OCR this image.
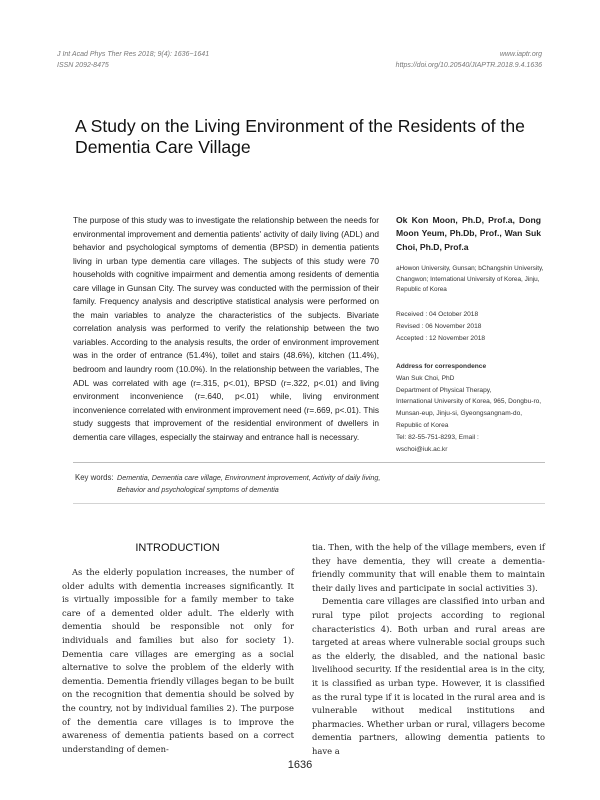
J Int Acad Phys Ther Res 2018; 9(4): 1636~1641
ISSN 2092-8475
www.iaptr.org
https://doi.org/10.20540/JIAPTR.2018.9.4.1636
A Study on the Living Environment of the Residents of the Dementia Care Village
The purpose of this study was to investigate the relationship between the needs for environmental improvement and dementia patients' activity of daily living (ADL) and behavior and psychological symptoms of dementia (BPSD) in dementia patients living in urban type dementia care villages. The subjects of this study were 70 households with cognitive impairment and dementia among residents of dementia care village in Gunsan City. The survey was conducted with the permission of their family. Frequency analysis and descriptive statistical analysis were performed on the main variables to analyze the characteristics of the subjects. Bivariate correlation analysis was performed to verify the relationship between the two variables. According to the analysis results, the order of environment improvement was in the order of entrance (51.4%), toilet and stairs (48.6%), kitchen (11.4%), bedroom and laundry room (10.0%). In the relationship between the variables, The ADL was correlated with age (r=.315, p<.01), BPSD (r=.322, p<.01) and living environment inconvenience (r=.640, p<.01) while, living environment inconvenience correlated with environment improvement need (r=.669, p<.01). This study suggests that improvement of the residential environment of dwellers in dementia care villages, especially the stairway and entrance hall is necessary.
Ok Kon Moon, Ph.D, Prof.a, Dong Moon Yeum, Ph.Db, Prof., Wan Suk Choi, Ph.D, Prof.a
aHowon University, Gunsan; bChangshin University, Changwon; International University of Korea, Jinju, Republic of Korea
Received : 04 October 2018
Revised : 06 November 2018
Accepted : 12 November 2018
Address for correspondence
Wan Suk Choi, PhD
Department of Physical Therapy,
International University of Korea, 965, Dongbu-ro, Munsan-eup, Jinju-si, Gyeongsangnam-do, Republic of Korea
Tel: 82-55-751-8293, Email :
wschoi@iuk.ac.kr
Key words: Dementia, Dementia care village, Environment improvement, Activity of daily living, Behavior and psychological symptoms of dementia
INTRODUCTION

As the elderly population increases, the number of older adults with dementia increases significantly. It is virtually impossible for a family member to take care of a demented older adult. The elderly with dementia should be responsible not only for individuals and families but also for society 1). Dementia care villages are emerging as a social alternative to solve the problem of the elderly with dementia. Dementia friendly villages began to be built on the recognition that dementia should be solved by the country, not by individual families 2). The purpose of the dementia care villages is to improve the awareness of dementia patients based on a correct understanding of demen-

tia. Then, with the help of the village members, even if they have dementia, they will create a dementia-friendly community that will enable them to maintain their daily lives and participate in social activities 3).

Dementia care villages are classified into urban and rural type pilot projects according to regional characteristics 4). Both urban and rural areas are targeted at areas where vulnerable social groups such as the elderly, the disabled, and the national basic livelihood security. If the residential area is in the city, it is classified as urban type. However, it is classified as the rural type if it is located in the rural area and is vulnerable without medical institutions and pharmacies. Whether urban or rural, villagers become dementia partners, allowing dementia patients to have a

1636
